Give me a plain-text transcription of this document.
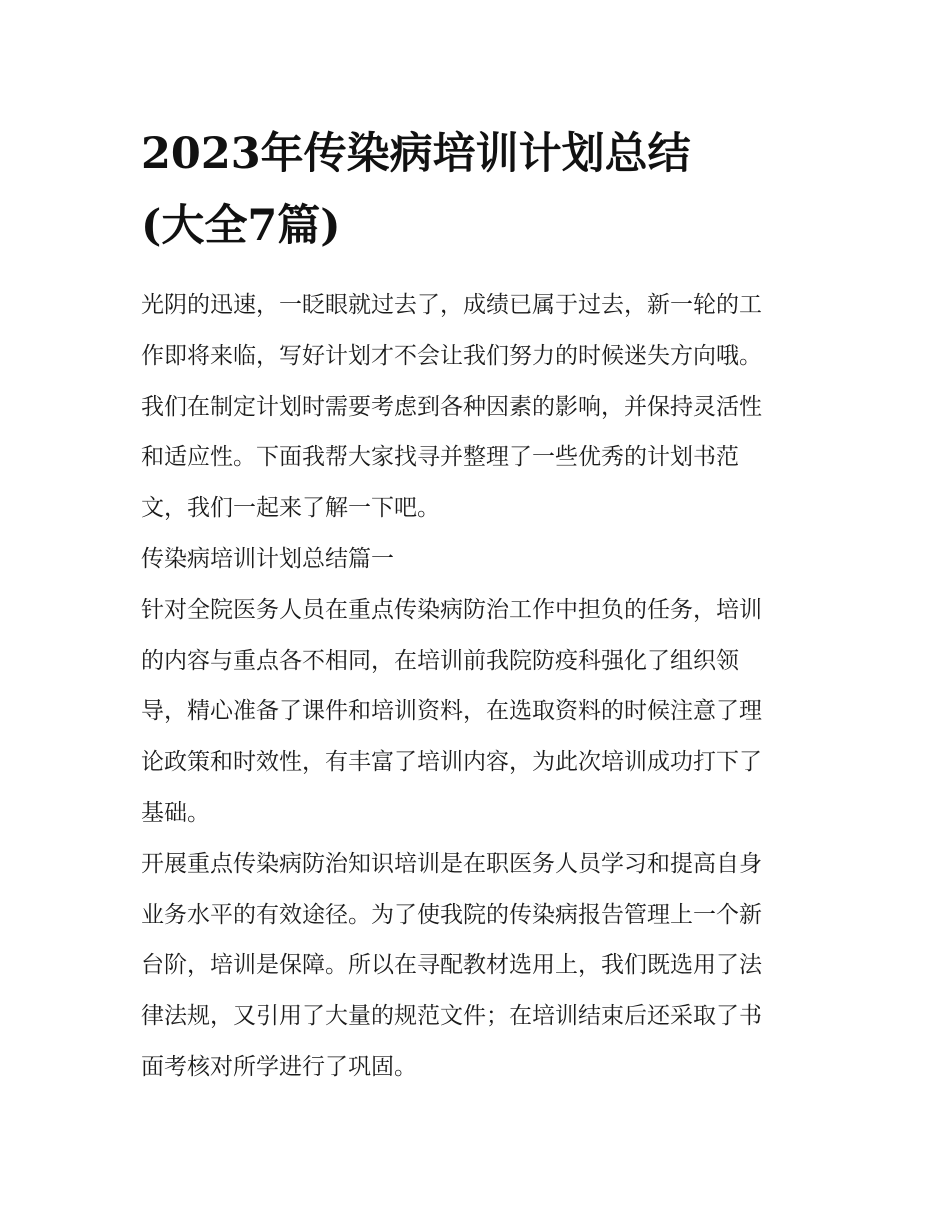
2023年传染病培训计划总结
(大全7篇)

光阴的迅速，一眨眼就过去了，成绩已属于过去，新一轮的工
作即将来临，写好计划才不会让我们努力的时候迷失方向哦。
我们在制定计划时需要考虑到各种因素的影响，并保持灵活性
和适应性。下面我帮大家找寻并整理了一些优秀的计划书范
文，我们一起来了解一下吧。

传染病培训计划总结篇一

针对全院医务人员在重点传染病防治工作中担负的任务，培训
的内容与重点各不相同，在培训前我院防疫科强化了组织领
导，精心准备了课件和培训资料，在选取资料的时候注意了理
论政策和时效性，有丰富了培训内容，为此次培训成功打下了
基础。

开展重点传染病防治知识培训是在职医务人员学习和提高自身
业务水平的有效途径。为了使我院的传染病报告管理上一个新
台阶，培训是保障。所以在寻配教材选用上，我们既选用了法
律法规，又引用了大量的规范文件；在培训结束后还采取了书
面考核对所学进行了巩固。
